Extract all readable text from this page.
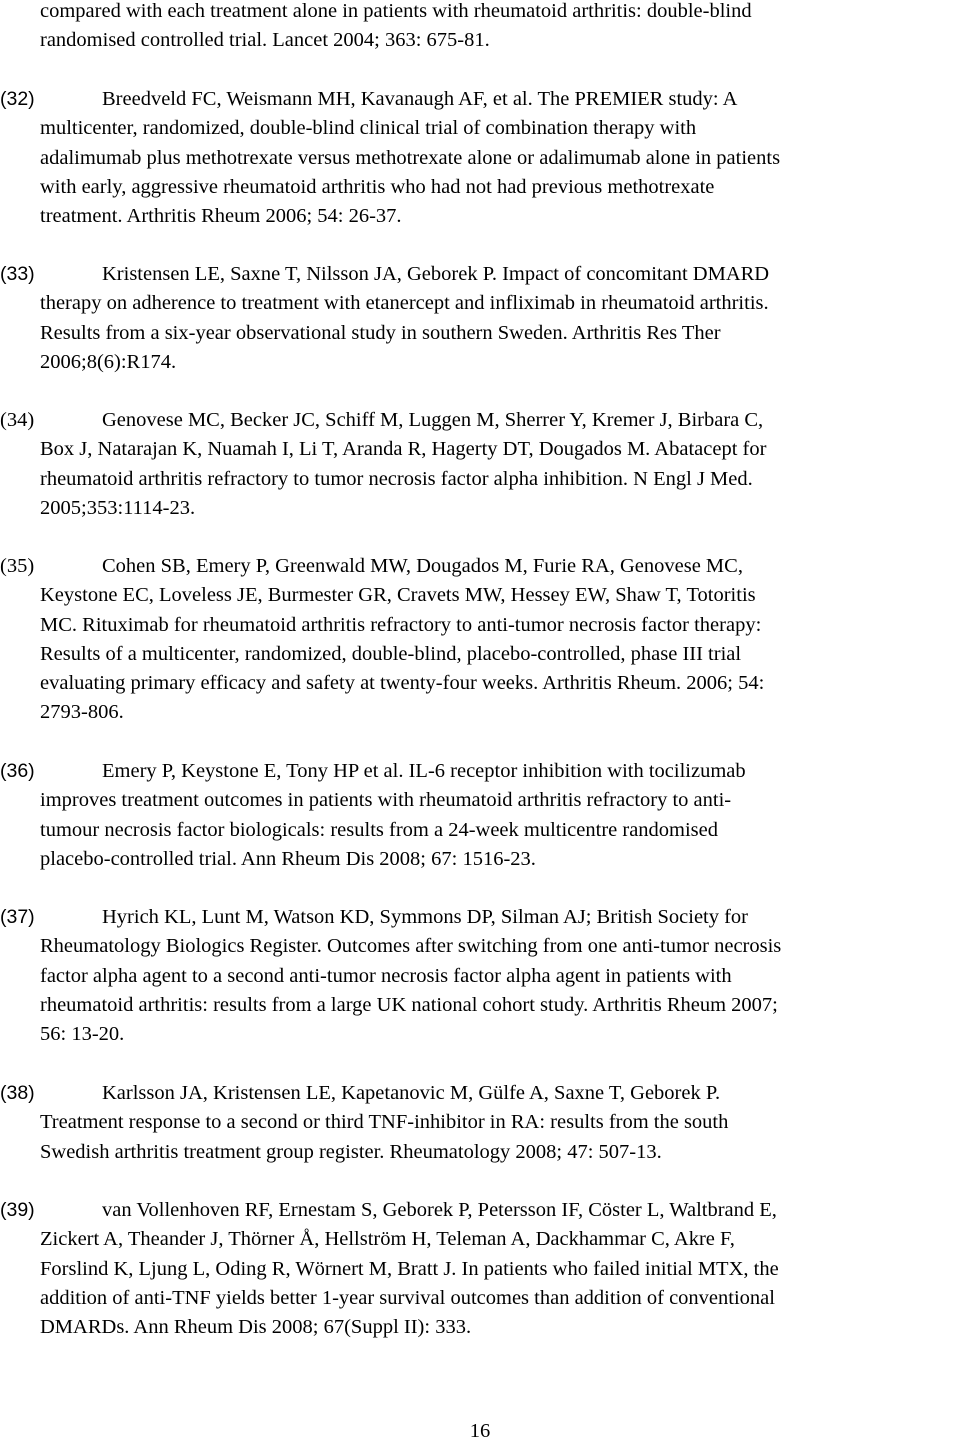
compared with each treatment alone in patients with rheumatoid arthritis: double-blind
randomised controlled trial. Lancet 2004; 363: 675-81.
(32)	Breedveld FC, Weismann MH, Kavanaugh AF, et al. The PREMIER study: A
multicenter, randomized, double-blind clinical trial of combination therapy with
adalimumab plus methotrexate versus methotrexate alone or adalimumab alone in patients
with early, aggressive rheumatoid arthritis who had not had previous methotrexate
treatment. Arthritis Rheum 2006; 54: 26-37.
(33)	Kristensen LE, Saxne T, Nilsson JA, Geborek P. Impact of concomitant DMARD
therapy on adherence to treatment with etanercept and infliximab in rheumatoid arthritis.
Results from a six-year observational study in southern Sweden. Arthritis Res Ther
2006;8(6):R174.
(34)	Genovese MC, Becker JC, Schiff M, Luggen M, Sherrer Y, Kremer J, Birbara C,
Box J, Natarajan K, Nuamah I, Li T, Aranda R, Hagerty DT, Dougados M. Abatacept for
rheumatoid arthritis refractory to tumor necrosis factor alpha inhibition. N Engl J Med.
2005;353:1114-23.
(35)	Cohen SB, Emery P, Greenwald MW, Dougados M, Furie RA, Genovese MC,
Keystone EC, Loveless JE, Burmester GR, Cravets MW, Hessey EW, Shaw T, Totoritis
MC. Rituximab for rheumatoid arthritis refractory to anti-tumor necrosis factor therapy:
Results of a multicenter, randomized, double-blind, placebo-controlled, phase III trial
evaluating primary efficacy and safety at twenty-four weeks. Arthritis Rheum. 2006; 54:
2793-806.
(36)	Emery P, Keystone E, Tony HP et al. IL-6 receptor inhibition with tocilizumab
improves treatment outcomes in patients with rheumatoid arthritis refractory to anti-
tumour necrosis factor biologicals: results from a 24-week multicentre randomised
placebo-controlled trial. Ann Rheum Dis 2008; 67: 1516-23.
(37)	Hyrich KL, Lunt M, Watson KD, Symmons DP, Silman AJ; British Society for
Rheumatology Biologics Register. Outcomes after switching from one anti-tumor necrosis
factor alpha agent to a second anti-tumor necrosis factor alpha agent in patients with
rheumatoid arthritis: results from a large UK national cohort study. Arthritis Rheum 2007;
56: 13-20.
(38)	Karlsson JA, Kristensen LE, Kapetanovic M, Gülfe A, Saxne T, Geborek P.
Treatment response to a second or third TNF-inhibitor in RA: results from the south
Swedish arthritis treatment group register. Rheumatology 2008; 47: 507-13.
(39)	van Vollenhoven RF, Ernestam S, Geborek P, Petersson IF, Cöster L, Waltbrand E,
Zickert A, Theander J, Thörner Å, Hellström H, Teleman A, Dackhammar C, Akre F,
Forslind K, Ljung L, Oding R, Wörnert M, Bratt J. In patients who failed initial MTX, the
addition of anti-TNF yields better 1-year survival outcomes than addition of conventional
DMARDs. Ann Rheum Dis 2008; 67(Suppl II): 333.
16
